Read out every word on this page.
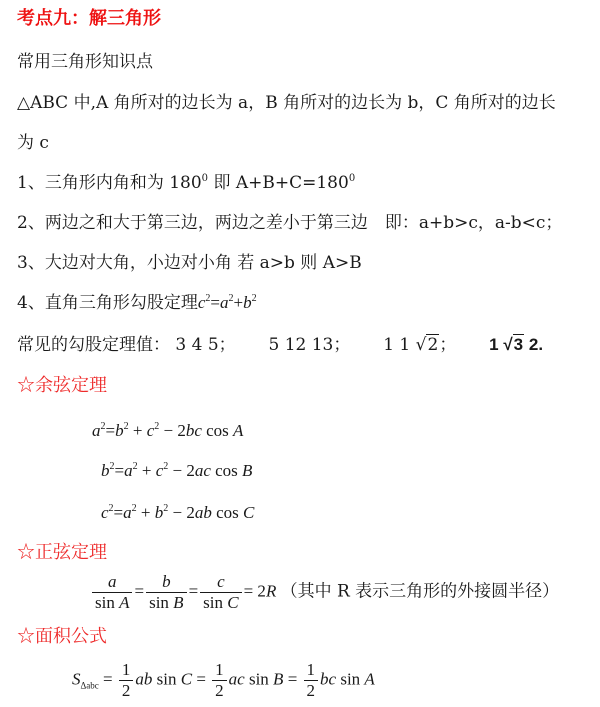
考点九：解三角形
常用三角形知识点
△ABC 中,A 角所对的边长为 a，B 角所对的边长为 b，C 角所对的边长
为 c
1、三角形内角和为 $180^0$ 即 $A+B+C=180^0$
2、两边之和大于第三边，两边之差小于第三边　即：a+b>c，a-b<c；
3、大边对大角，小边对小角 若 a>b 则 A>B
4、直角三角形勾股定理$c^2=a^2+b^2$
常见的勾股定理值： 3 4 5； 5 12 13； 1 1 √2； 1 √3 2.
☆余弦定理
$a^2=b^2 + c^2 - 2bc$ cos A
$b^2=a^2 + c^2 - 2ac$ cos B
$c^2=a^2 + b^2 - 2ab$ cos C
☆正弦定理
$\frac{a}{\text{sin A}} = \frac{b}{\text{sin B}} = \frac{c}{\text{sin C}} = 2R$ （其中 R 表示三角形的外接圆半径）
☆面积公式
$S_{\Delta abc} = \frac{1}{2}$ ab $\sin C = \frac{1}{2}$ ac $\sin B = \frac{1}{2}$ bc sin A
